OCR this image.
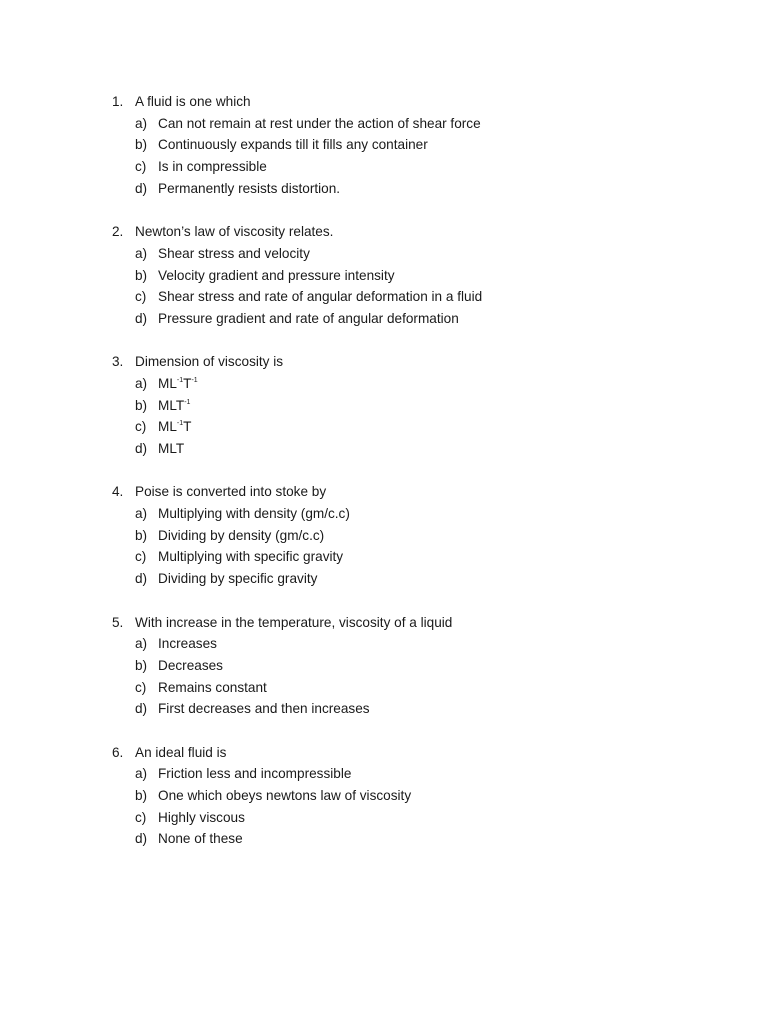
1. A fluid is one which
a) Can not remain at rest under the action of shear force
b) Continuously expands till it fills any container
c) Is in compressible
d) Permanently resists distortion.
2. Newton’s law of viscosity relates.
a) Shear stress and velocity
b) Velocity gradient and pressure intensity
c) Shear stress and rate of angular deformation in a fluid
d) Pressure gradient and rate of angular deformation
3. Dimension of viscosity is
a) $ML^{-1}T^{-1}$
b) $MLT^{-1}$
c) $ML^{-1}T$
d) MLT
4. Poise is converted into stoke by
a) Multiplying with density (gm/c.c)
b) Dividing by density (gm/c.c)
c) Multiplying with specific gravity
d) Dividing by specific gravity
5. With increase in the temperature, viscosity of a liquid
a) Increases
b) Decreases
c) Remains constant
d) First decreases and then increases
6. An ideal fluid is
a) Friction less and incompressible
b) One which obeys newtons law of viscosity
c) Highly viscous
d) None of these
